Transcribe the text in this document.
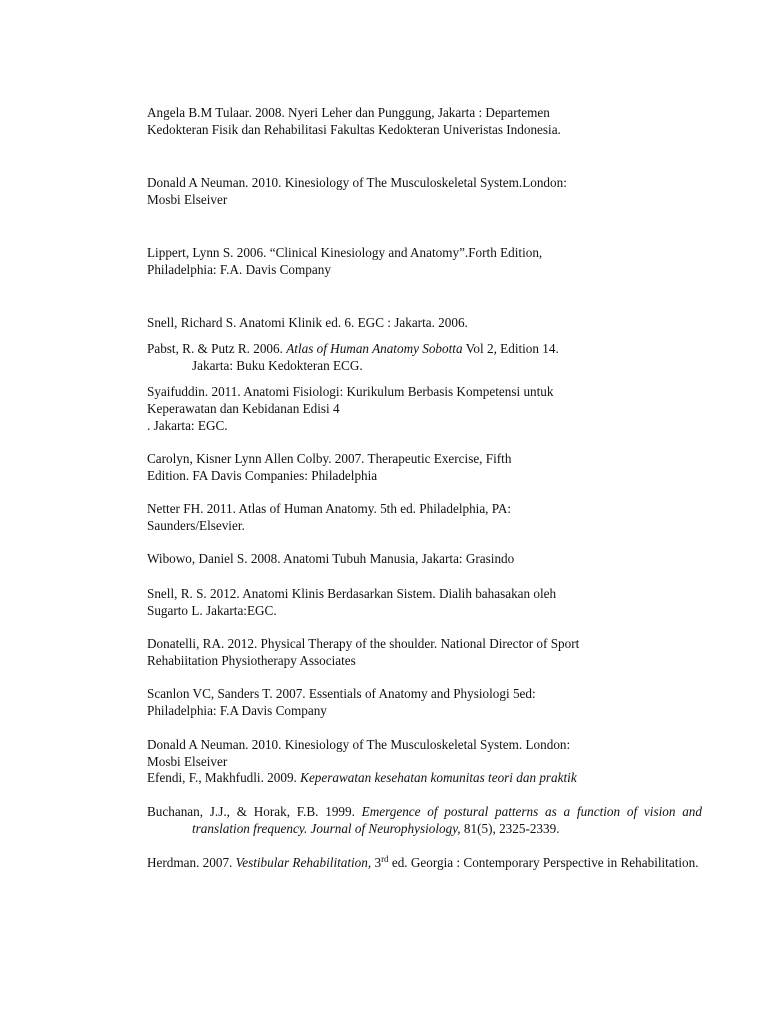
Angela B.M Tulaar. 2008. Nyeri Leher dan Punggung, Jakarta : Departemen
Kedokteran Fisik dan Rehabilitasi Fakultas Kedokteran Univeristas Indonesia.

Donald A Neuman. 2010. Kinesiology of The Musculoskeletal System.London:
Mosbi Elseiver

Lippert, Lynn S. 2006. “Clinical Kinesiology and Anatomy”.Forth Edition,
Philadelphia: F.A. Davis Company

Snell, Richard S. Anatomi Klinik ed. 6. EGC : Jakarta. 2006.

Pabst, R. & Putz R. 2006. Atlas of Human Anatomy Sobotta Vol 2, Edition 14.
Jakarta: Buku Kedokteran ECG.

Syaifuddin. 2011. Anatomi Fisiologi: Kurikulum Berbasis Kompetensi untuk
Keperawatan dan Kebidanan Edisi 4
. Jakarta: EGC.

Carolyn, Kisner Lynn Allen Colby. 2007. Therapeutic Exercise, Fifth
Edition. FA Davis Companies: Philadelphia

Netter FH. 2011. Atlas of Human Anatomy. 5th ed. Philadelphia, PA:
Saunders/Elsevier.

Wibowo, Daniel S. 2008. Anatomi Tubuh Manusia, Jakarta: Grasindo

Snell, R. S. 2012. Anatomi Klinis Berdasarkan Sistem. Dialih bahasakan oleh
Sugarto L. Jakarta:EGC.

Donatelli, RA. 2012. Physical Therapy of the shoulder. National Director of Sport
Rehabiitation Physiotherapy Associates

Scanlon VC, Sanders T. 2007. Essentials of Anatomy and Physiologi 5ed:
Philadelphia: F.A Davis Company

Donald A Neuman. 2010. Kinesiology of The Musculoskeletal System. London:
Mosbi Elseiver

Efendi, F., Makhfudli. 2009. Keperawatan kesehatan komunitas teori dan praktik

Buchanan, J.J., & Horak, F.B. 1999. Emergence of postural patterns as a function of vision and translation frequency. Journal of Neurophysiology, 81(5), 2325-2339.

Herdman. 2007. Vestibular Rehabilitation, 3rd ed. Georgia : Contemporary Perspective in Rehabilitation.
